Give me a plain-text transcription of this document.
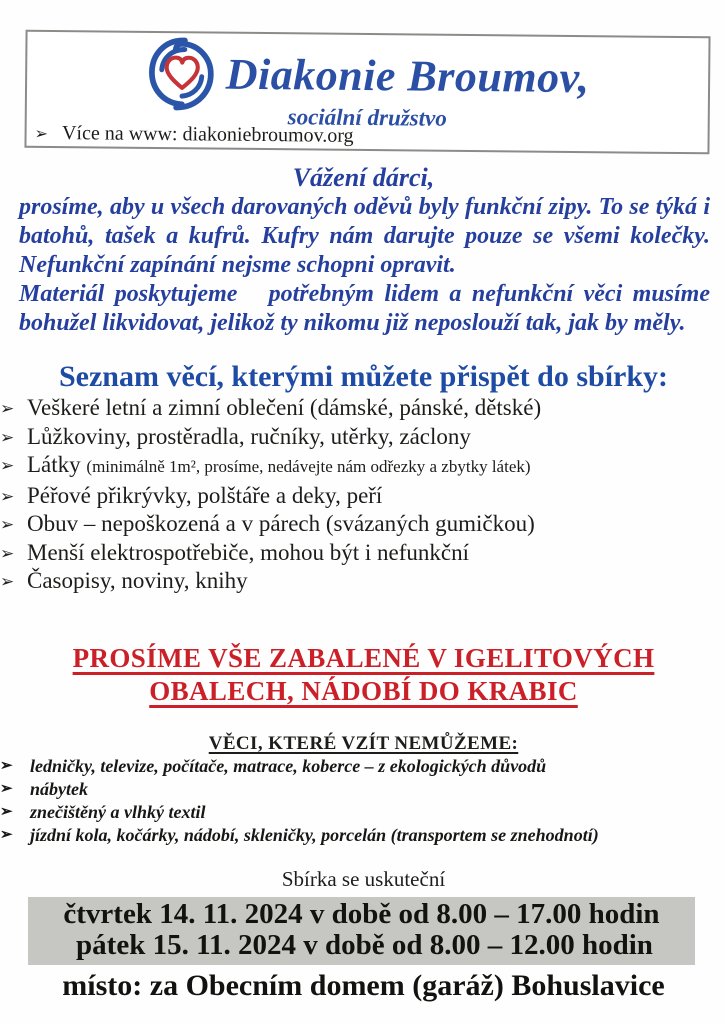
Diakonie Broumov,
sociální družstvo
➢ Více na www: diakoniebroumov.org
Vážení dárci,

prosíme, aby u všech darovaných oděvů byly funkční zipy. To se týká i batohů, tašek a kufrů. Kufry nám darujte pouze se všemi kolečky. Nefunkční zapínání nejsme schopni opravit.

Materiál poskytujeme   potřebným lidem a nefunkční věci musíme bohužel likvidovat, jelikož ty nikomu již neposlouží tak, jak by měly.

Seznam věcí, kterými můžete přispět do sbírky:
➢ Veškeré letní a zimní oblečení (dámské, pánské, dětské)
➢ Lůžkoviny, prostěradla, ručníky, utěrky, záclony
➢ Látky (minimálně 1m², prosíme, nedávejte nám odřezky a zbytky látek)
➢ Péřové přikrývky, polštáře a deky, peří
➢ Obuv – nepoškozená a v párech (svázaných gumičkou)
➢ Menší elektrospotřebiče, mohou být i nefunkční
➢ Časopisy, noviny, knihy
PROSÍME VŠE ZABALENÉ V IGELITOVÝCH
OBALECH, NÁDOBÍ DO KRABIC
VĚCI, KTERÉ VZÍT NEMŮŽEME:
➢ ledničky, televize, počítače, matrace, koberce – z ekologických důvodů
➢ nábytek
➢ znečištěný a vlhký textil
➢ jízdní kola, kočárky, nádobí, skleničky, porcelán (transportem se znehodnotí)
Sbírka se uskuteční
čtvrtek 14. 11. 2024 v době od 8.00 – 17.00 hodin
pátek 15. 11. 2024 v době od 8.00 – 12.00 hodin
místo: za Obecním domem (garáž) Bohuslavice
